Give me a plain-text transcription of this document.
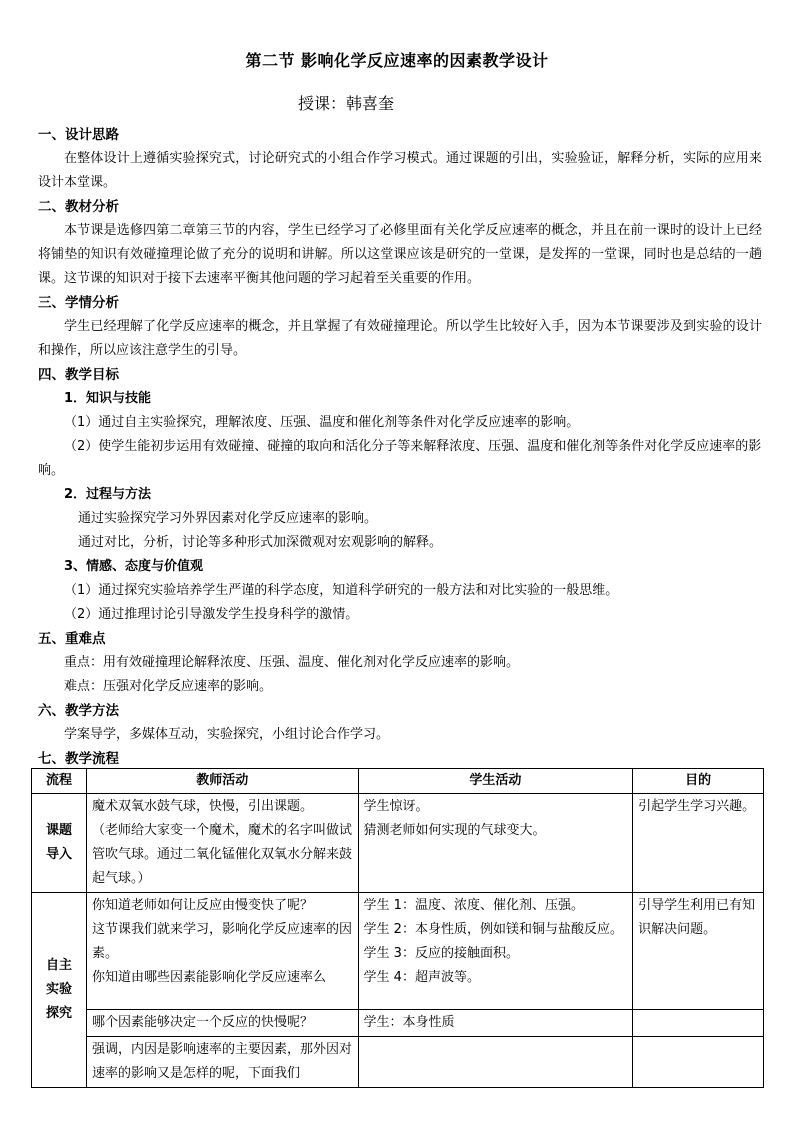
第二节 影响化学反应速率的因素教学设计
授课：韩喜奎

一、设计思路

在整体设计上遵循实验探究式，讨论研究式的小组合作学习模式。通过课题的引出，实验验证，解释分析，实际的应用来设计本堂课。

二、教材分析

本节课是选修四第二章第三节的内容，学生已经学习了必修里面有关化学反应速率的概念，并且在前一课时的设计上已经将铺垫的知识有效碰撞理论做了充分的说明和讲解。所以这堂课应该是研究的一堂课，是发挥的一堂课，同时也是总结的一趟课。这节课的知识对于接下去速率平衡其他问题的学习起着至关重要的作用。

三、学情分析

学生已经理解了化学反应速率的概念，并且掌握了有效碰撞理论。所以学生比较好入手，因为本节课要涉及到实验的设计和操作，所以应该注意学生的引导。

四、教学目标

1．知识与技能

（1）通过自主实验探究，理解浓度、压强、温度和催化剂等条件对化学反应速率的影响。

（2）使学生能初步运用有效碰撞、碰撞的取向和活化分子等来解释浓度、压强、温度和催化剂等条件对化学反应速率的影响。

2．过程与方法

通过实验探究学习外界因素对化学反应速率的影响。

通过对比，分析，讨论等多种形式加深微观对宏观影响的解释。

3、情感、态度与价值观

（1）通过探究实验培养学生严谨的科学态度，知道科学研究的一般方法和对比实验的一般思维。

（2）通过推理讨论引导激发学生投身科学的激情。

五、重难点

重点：用有效碰撞理论解释浓度、压强、温度、催化剂对化学反应速率的影响。

难点：压强对化学反应速率的影响。

六、教学方法

学案导学，多媒体互动，实验探究，小组讨论合作学习。

七、教学流程

流程	教师活动	学生活动	目的

课题
导入	魔术双氧水鼓气球，快慢，引出课题。
（老师给大家变一个魔术，魔术的名字叫做试管吹气球。通过二氧化锰催化双氧水分解来鼓起气球。）	学生惊讶。
猜测老师如何实现的气球变大。	引起学生学习兴趣。

自主
实验
探究	你知道老师如何让反应由慢变快了呢？
这节课我们就来学习，影响化学反应速率的因素。
你知道由哪些因素能影响化学反应速率么	学生 1：温度、浓度、催化剂、压强。
学生 2：本身性质，例如镁和铜与盐酸反应。
学生 3：反应的接触面积。
学生 4：超声波等。	引导学生利用已有知识解决问题。
	哪个因素能够决定一个反应的快慢呢？	学生：本身性质	
	强调，内因是影响速率的主要因素，那外因对速率的影响又是怎样的呢，下面我们		
